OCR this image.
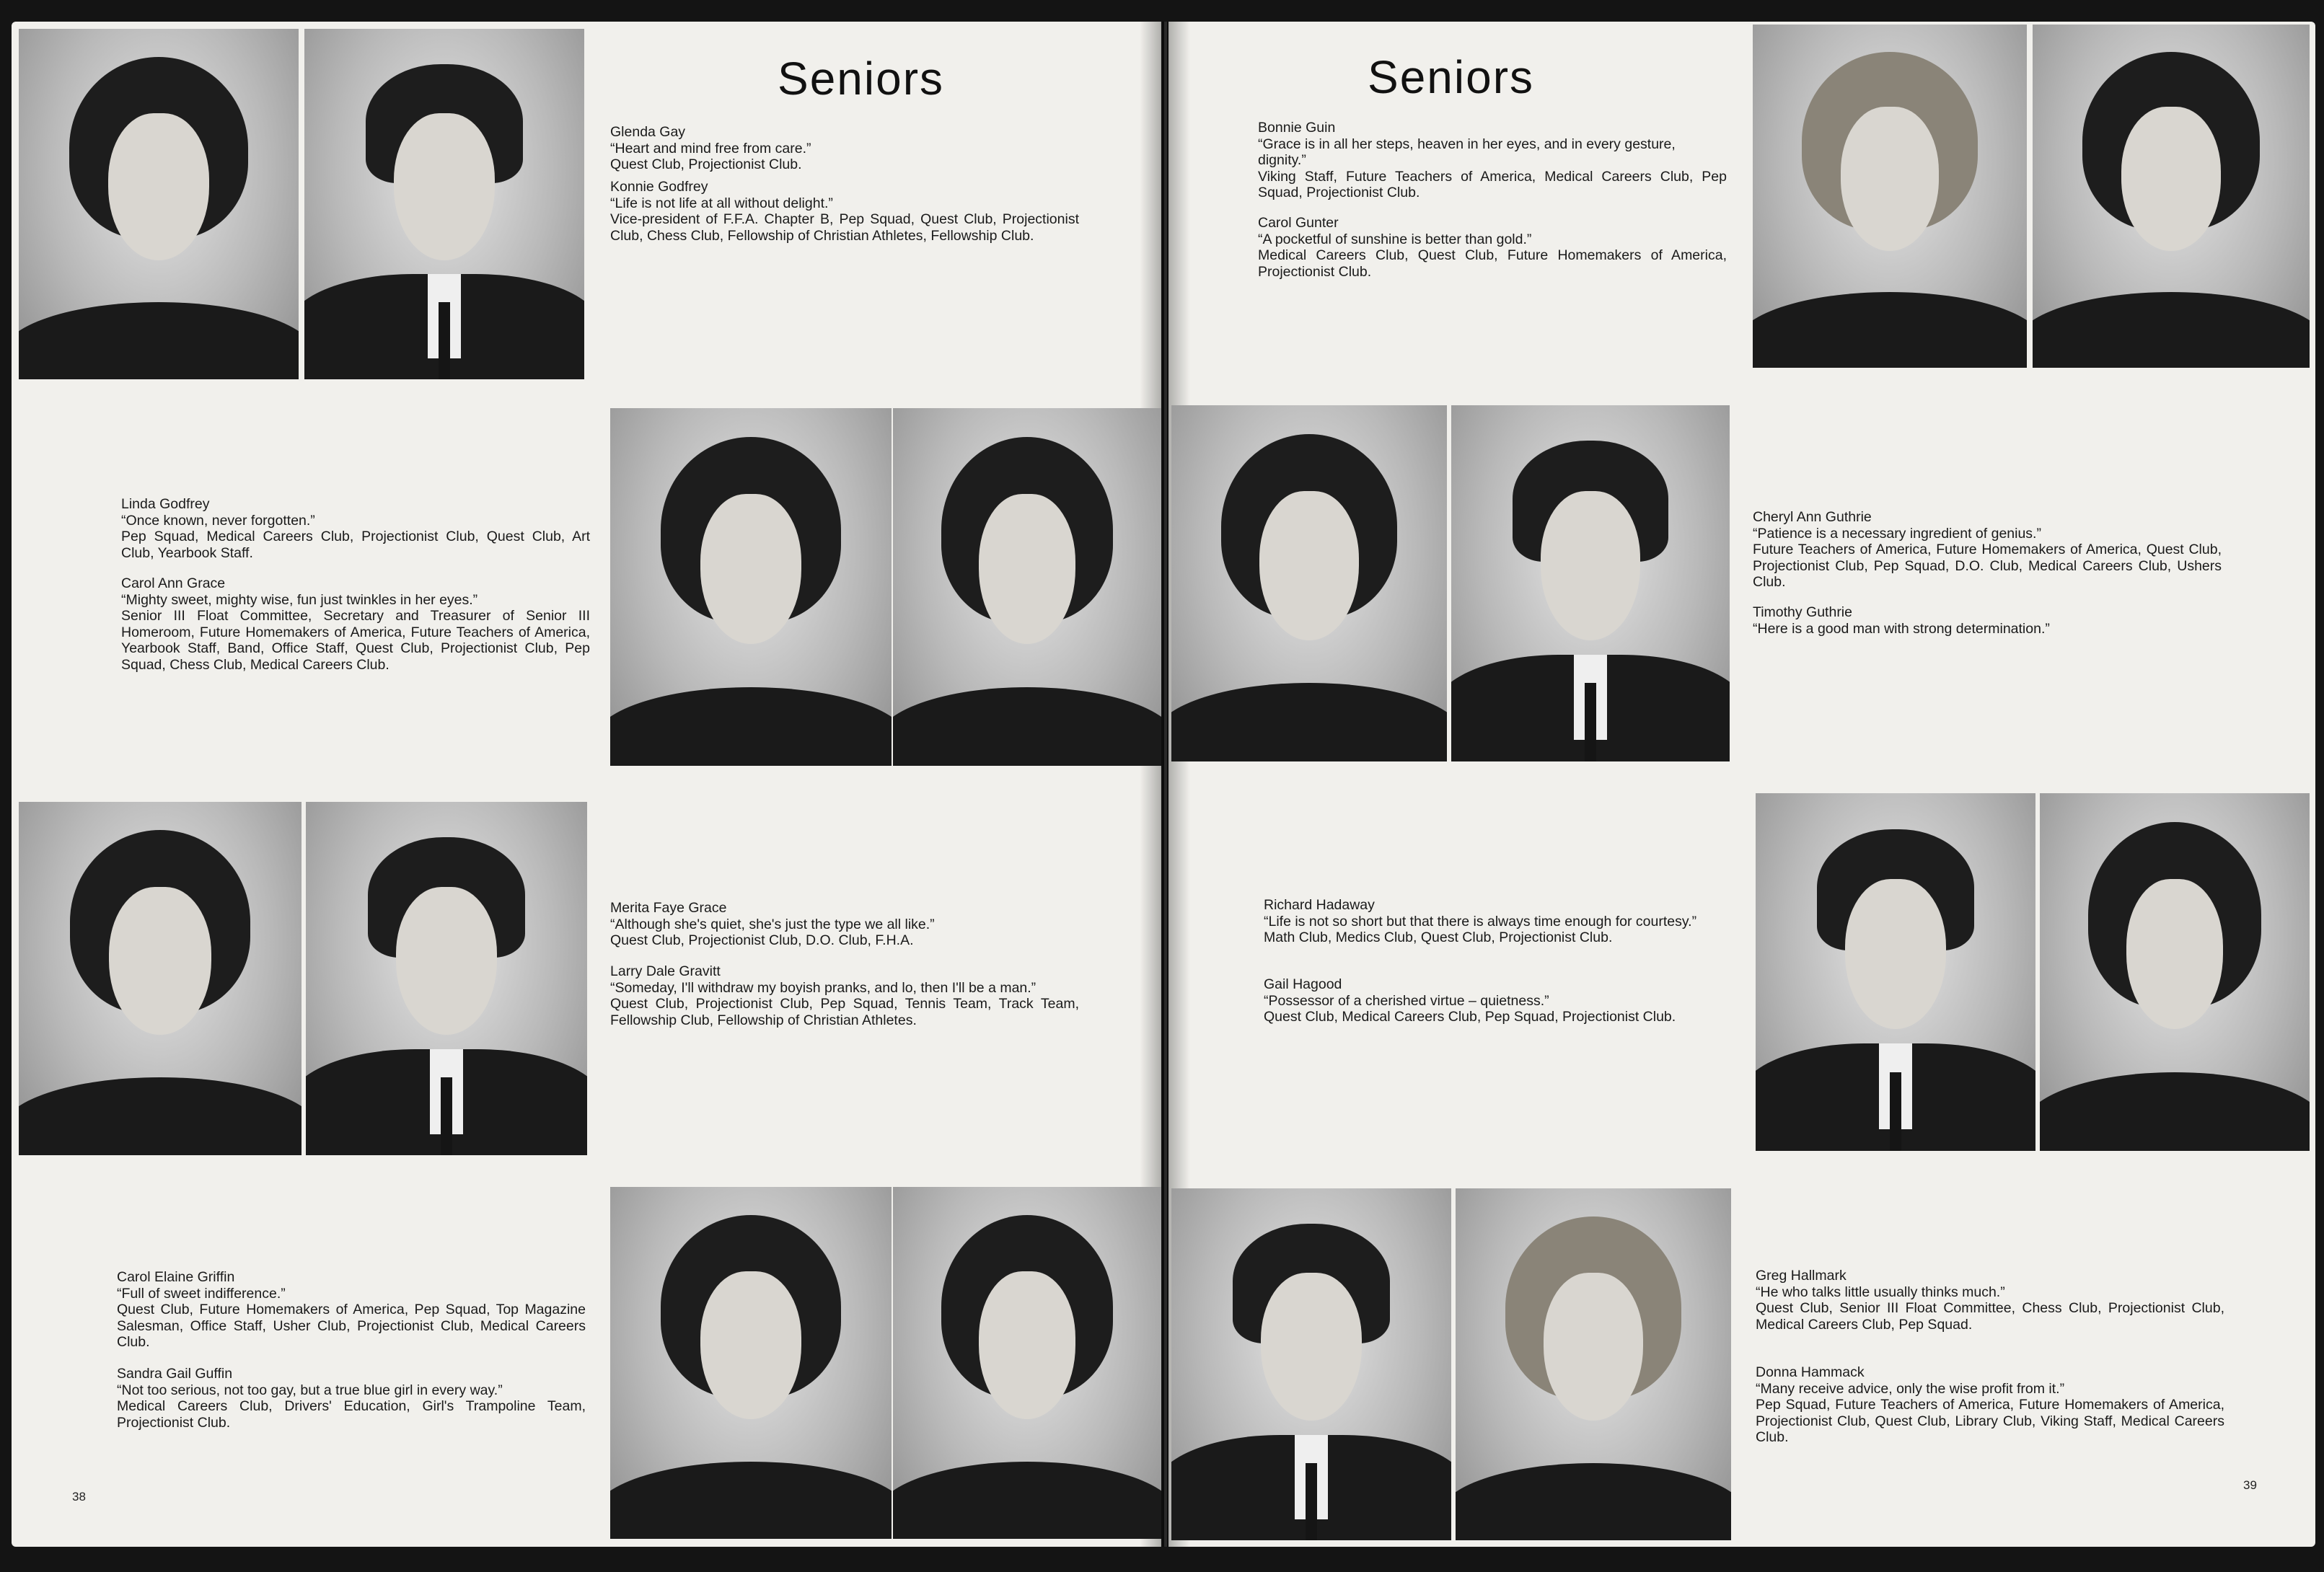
Seniors	Seniors
Glenda Gay
“Heart and mind free from care.”
Quest Club, Projectionist Club.
Konnie Godfrey
“Life is not life at all without delight.”
Vice-president of F.F.A. Chapter B, Pep Squad, Quest Club, Projectionist Club, Chess Club, Fellowship of Christian Athletes, Fellowship Club.
Linda Godfrey
“Once known, never forgotten.”
Pep Squad, Medical Careers Club, Projectionist Club, Quest Club, Art Club, Yearbook Staff.
Carol Ann Grace
“Mighty sweet, mighty wise, fun just twinkles in her eyes.”
Senior III Float Committee, Secretary and Treasurer of Senior III Homeroom, Future Homemakers of America, Future Teachers of America, Yearbook Staff, Band, Office Staff, Quest Club, Projectionist Club, Pep Squad, Chess Club, Medical Careers Club.
Merita Faye Grace
“Although she's quiet, she's just the type we all like.”
Quest Club, Projectionist Club, D.O. Club, F.H.A.
Larry Dale Gravitt
“Someday, I'll withdraw my boyish pranks, and lo, then I'll be a man.”
Quest Club, Projectionist Club, Pep Squad, Tennis Team, Track Team, Fellowship Club, Fellowship of Christian Athletes.
Carol Elaine Griffin
“Full of sweet indifference.”
Quest Club, Future Homemakers of America, Pep Squad, Top Magazine Salesman, Office Staff, Usher Club, Projectionist Club, Medical Careers Club.
Sandra Gail Guffin
“Not too serious, not too gay, but a true blue girl in every way.”
Medical Careers Club, Drivers' Education, Girl's Trampoline Team, Projectionist Club.
38
Bonnie Guin
“Grace is in all her steps, heaven in her eyes, and in every gesture, dignity.”
Viking Staff, Future Teachers of America, Medical Careers Club, Pep Squad, Projectionist Club.
Carol Gunter
“A pocketful of sunshine is better than gold.”
Medical Careers Club, Quest Club, Future Homemakers of America, Projectionist Club.
Cheryl Ann Guthrie
“Patience is a necessary ingredient of genius.”
Future Teachers of America, Future Homemakers of America, Quest Club, Projectionist Club, Pep Squad, D.O. Club, Medical Careers Club, Ushers Club.
Timothy Guthrie
“Here is a good man with strong determination.”
Richard Hadaway
“Life is not so short but that there is always time enough for courtesy.”
Math Club, Medics Club, Quest Club, Projectionist Club.
Gail Hagood
“Possessor of a cherished virtue – quietness.”
Quest Club, Medical Careers Club, Pep Squad, Projectionist Club.
Greg Hallmark
“He who talks little usually thinks much.”
Quest Club, Senior III Float Committee, Chess Club, Projectionist Club, Medical Careers Club, Pep Squad.
Donna Hammack
“Many receive advice, only the wise profit from it.”
Pep Squad, Future Teachers of America, Future Homemakers of America, Projectionist Club, Quest Club, Library Club, Viking Staff, Medical Careers Club.
39
